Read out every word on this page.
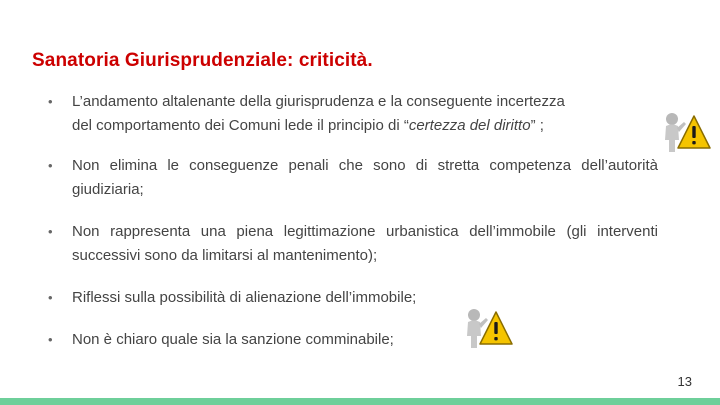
Sanatoria Giurisprudenziale: criticità.
•	L’andamento altalenante della giurisprudenza e la conseguente incertezza
del comportamento dei Comuni lede il principio di “certezza del diritto” ;
•	Non elimina le conseguenze penali che sono di stretta competenza dell’autorità giudiziaria;
•	Non rappresenta una piena legittimazione urbanistica dell’immobile (gli interventi successivi sono da limitarsi al mantenimento);
•	Riflessi sulla possibilità di alienazione dell’immobile;
•	Non è chiaro quale sia la sanzione comminabile;
13
